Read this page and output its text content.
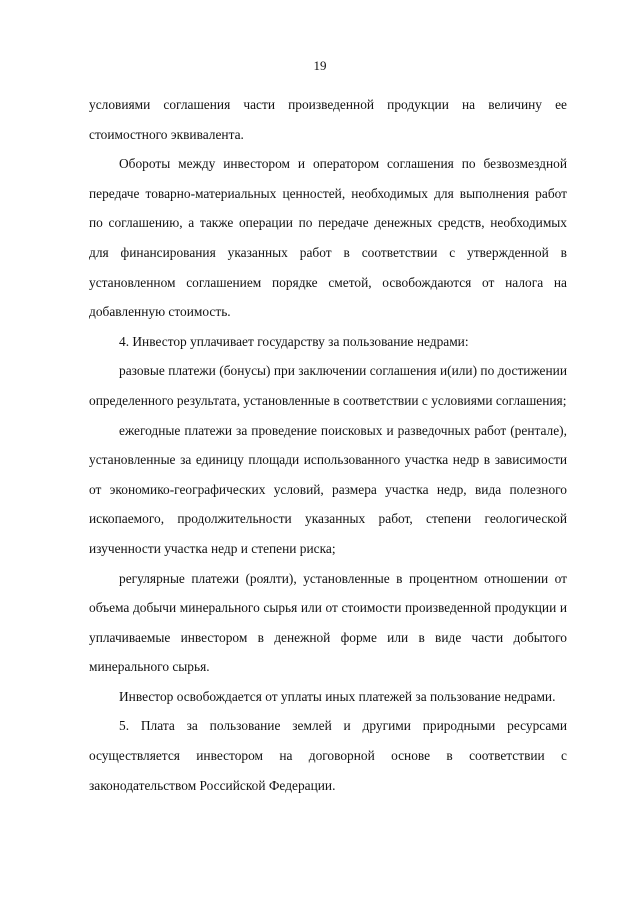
19

условиями соглашения части произведенной продукции на величину ее стоимостного эквивалента.

Обороты между инвестором и оператором соглашения по безвозмездной передаче товарно-материальных ценностей, необходимых для выполнения работ по соглашению, а также операции по передаче денежных средств, необходимых для финансирования указанных работ в соответствии с утвержденной в установленном соглашением порядке сметой, освобождаются от налога на добавленную стоимость.

4. Инвестор уплачивает государству за пользование недрами:

разовые платежи (бонусы) при заключении соглашения и(или) по достижении определенного результата, установленные в соответствии с условиями соглашения;

ежегодные платежи за проведение поисковых и разведочных работ (рентале), установленные за единицу площади использованного участка недр в зависимости от экономико-географических условий, размера участка недр, вида полезного ископаемого, продолжительности указанных работ, степени геологической изученности участка недр и степени риска;

регулярные платежи (роялти), установленные в процентном отношении от объема добычи минерального сырья или от стоимости произведенной продукции и уплачиваемые инвестором в денежной форме или в виде части добытого минерального сырья.

Инвестор освобождается от уплаты иных платежей за пользование недрами.

5. Плата за пользование землей и другими природными ресурсами осуществляется инвестором на договорной основе в соответствии с законодательством Российской Федерации.
